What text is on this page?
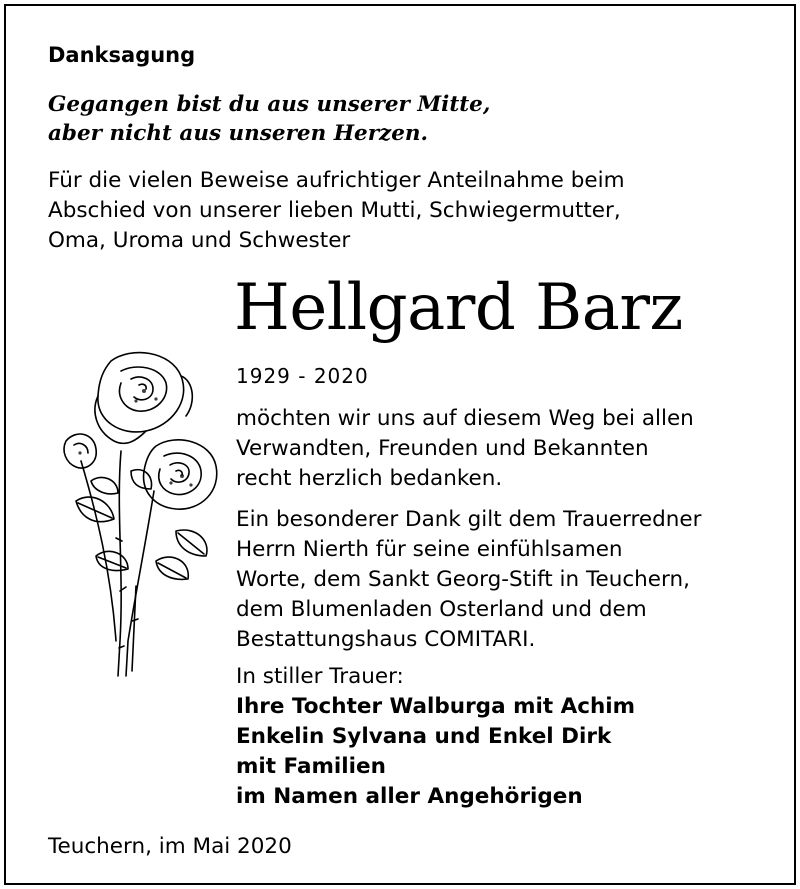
Danksagung
Gegangen bist du aus unserer Mitte,
aber nicht aus unseren Herzen.
Für die vielen Beweise aufrichtiger Anteilnahme beim
Abschied von unserer lieben Mutti, Schwiegermutter,
Oma, Uroma und Schwester
Hellgard Barz
1929 - 2020
möchten wir uns auf diesem Weg bei allen
Verwandten, Freunden und Bekannten
recht herzlich bedanken.
Ein besonderer Dank gilt dem Trauerredner
Herrn Nierth für seine einfühlsamen
Worte, dem Sankt Georg-Stift in Teuchern,
dem Blumenladen Osterland und dem
Bestattungshaus COMITARI.
In stiller Trauer:
Ihre Tochter Walburga mit Achim
Enkelin Sylvana und Enkel Dirk
mit Familien
im Namen aller Angehörigen
Teuchern, im Mai 2020
